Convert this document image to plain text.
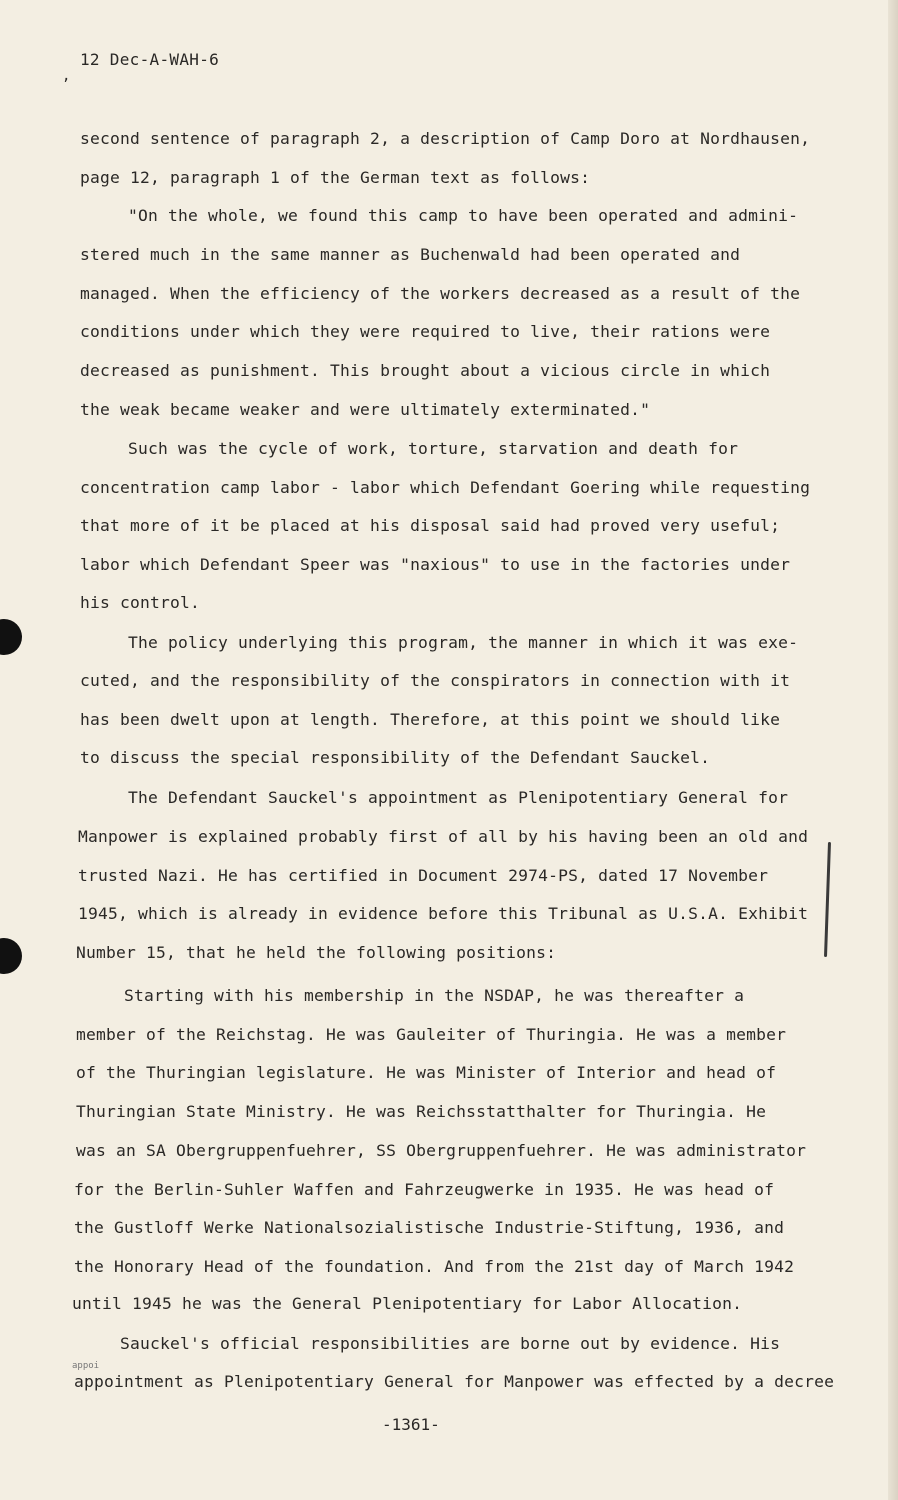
,
12 Dec-A-WAH-6
second sentence of paragraph 2, a description of Camp Doro at Nordhausen,
page 12, paragraph 1 of the German text as follows:
"On the whole, we found this camp to have been operated and admini-
stered much in the same manner as Buchenwald had been operated and
managed. When the efficiency of the workers decreased as a result of the
conditions under which they were required to live, their rations were
decreased as punishment. This brought about a vicious circle in which
the weak became weaker and were ultimately exterminated."
Such was the cycle of work, torture, starvation and death for
concentration camp labor - labor which Defendant Goering while requesting
that more of it be placed at his disposal said had proved very useful;
labor which Defendant Speer was "naxious" to use in the factories under
his control.
The policy underlying this program, the manner in which it was exe-
cuted, and the responsibility of the conspirators in connection with it
has been dwelt upon at length. Therefore, at this point we should like
to discuss the special responsibility of the Defendant Sauckel.
The Defendant Sauckel's appointment as Plenipotentiary General for
Manpower is explained probably first of all by his having been an old and
trusted Nazi. He has certified in Document 2974-PS, dated 17 November
1945, which is already in evidence before this Tribunal as U.S.A. Exhibit
Number 15, that he held the following positions:
Starting with his membership in the NSDAP, he was thereafter a
member of the Reichstag. He was Gauleiter of Thuringia. He was a member
of the Thuringian legislature. He was Minister of Interior and head of
Thuringian State Ministry. He was Reichsstatthalter for Thuringia. He
was an SA Obergruppenfuehrer, SS Obergruppenfuehrer. He was administrator
for the Berlin-Suhler Waffen and Fahrzeugwerke in 1935. He was head of
the Gustloff Werke Nationalsozialistische Industrie-Stiftung, 1936, and
the Honorary Head of the foundation. And from the 21st day of March 1942
until 1945 he was the General Plenipotentiary for Labor Allocation.
Sauckel's official responsibilities are borne out by evidence. His
appointment as Plenipotentiary General for Manpower was effected by a decree
appoi
-1361-
